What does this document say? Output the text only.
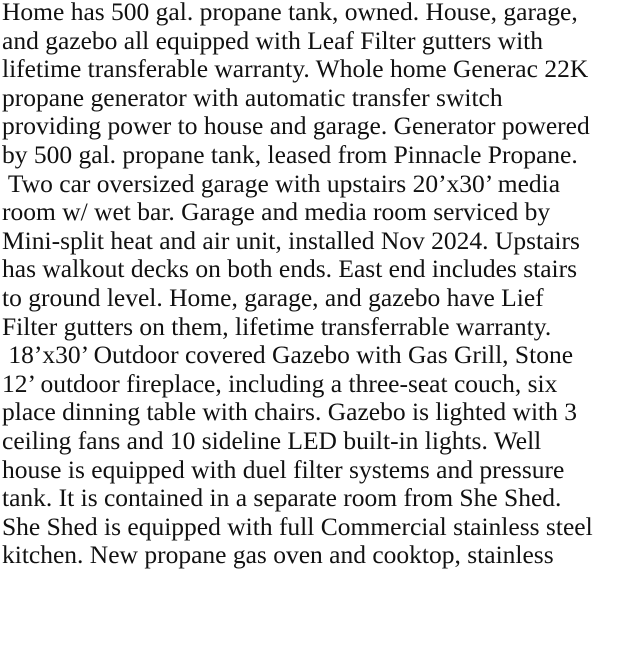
Home has 500 gal. propane tank, owned. House, garage,
and gazebo all equipped with Leaf Filter gutters with
lifetime transferable warranty. Whole home Generac 22K
propane generator with automatic transfer switch
providing power to house and garage. Generator powered
by 500 gal. propane tank, leased from Pinnacle Propane.
Two car oversized garage with upstairs 20’x30’ media
room w/ wet bar. Garage and media room serviced by
Mini-split heat and air unit, installed Nov 2024. Upstairs
has walkout decks on both ends. East end includes stairs
to ground level. Home, garage, and gazebo have Lief
Filter gutters on them, lifetime transferrable warranty.
18’x30’ Outdoor covered Gazebo with Gas Grill, Stone
12’ outdoor fireplace, including a three-seat couch, six
place dinning table with chairs. Gazebo is lighted with 3
ceiling fans and 10 sideline LED built-in lights. Well
house is equipped with duel filter systems and pressure
tank. It is contained in a separate room from She Shed.
She Shed is equipped with full Commercial stainless steel
kitchen. New propane gas oven and cooktop, stainless
